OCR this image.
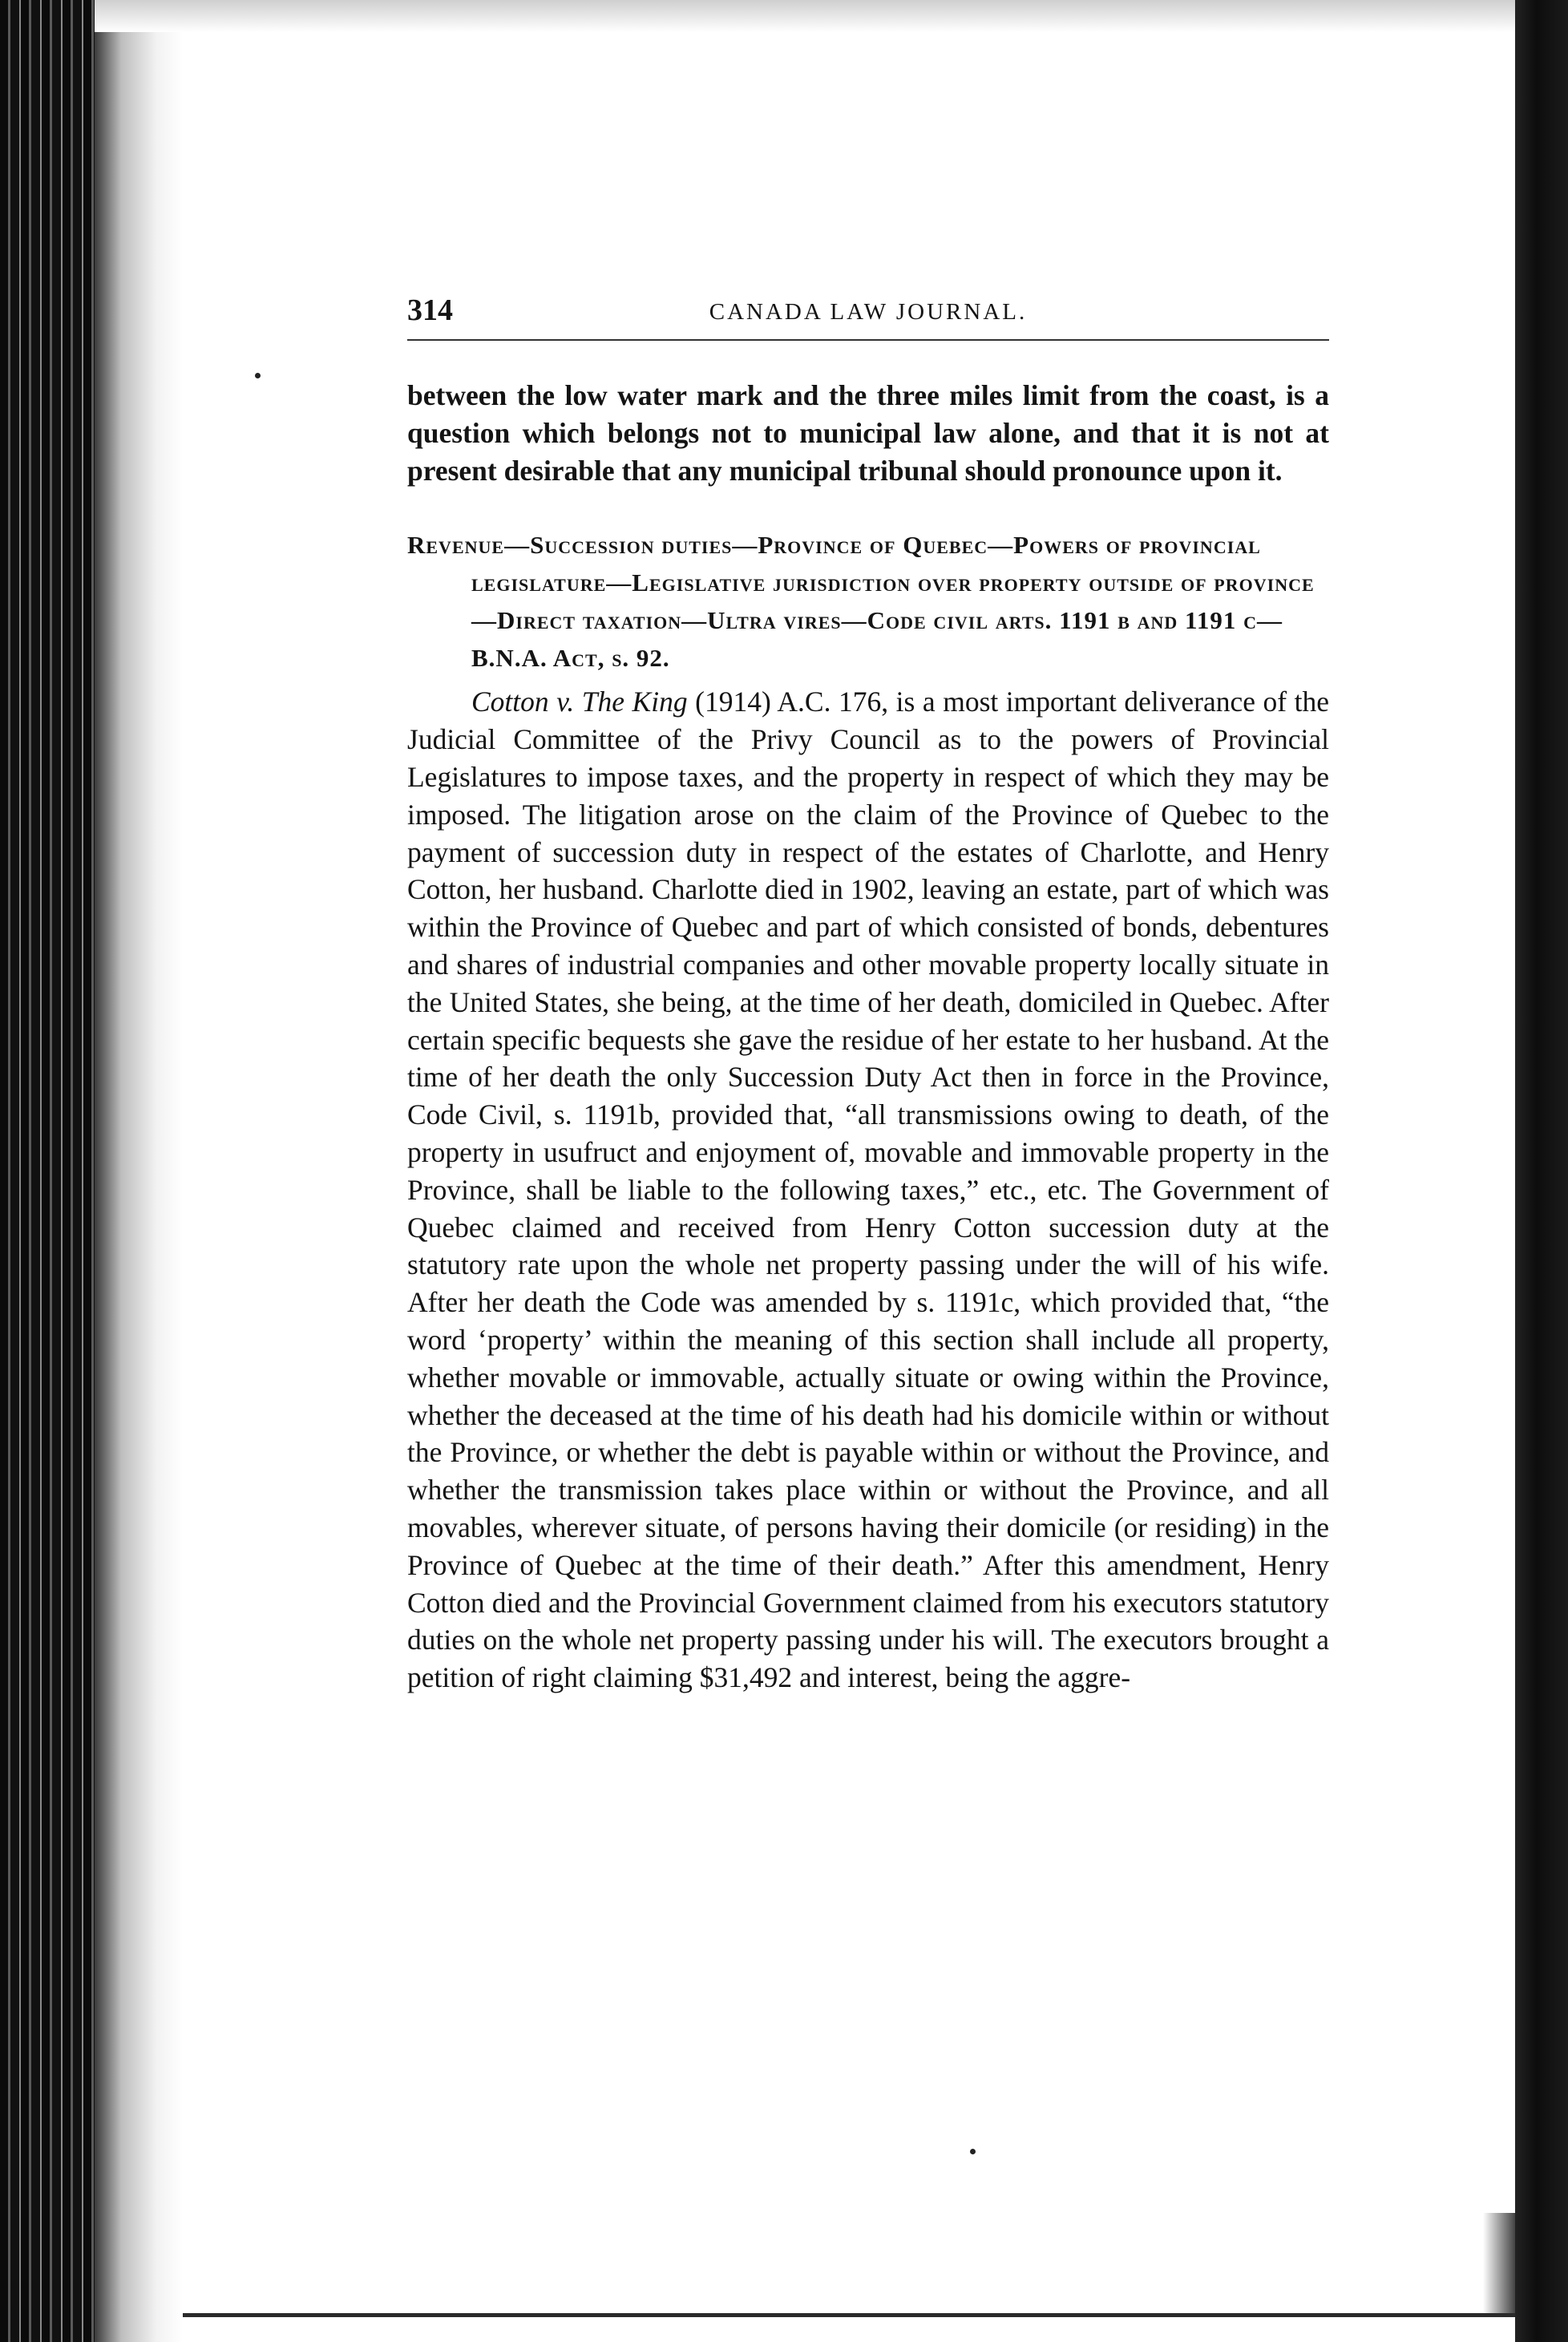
314	CANADA LAW JOURNAL.

between the low water mark and the three miles limit from the coast, is a question which belongs not to municipal law alone, and that it is not at present desirable that any municipal tribunal should pronounce upon it.

Revenue—Succession duties—Province of Quebec—Powers of provincial legislature—Legislative jurisdiction over property outside of province—Direct taxation—Ultra vires—Code civil arts. 1191 b and 1191 c—B.N.A. Act, s. 92.

Cotton v. The King (1914) A.C. 176, is a most important deliverance of the Judicial Committee of the Privy Council as to the powers of Provincial Legislatures to impose taxes, and the property in respect of which they may be imposed. The litigation arose on the claim of the Province of Quebec to the payment of succession duty in respect of the estates of Charlotte, and Henry Cotton, her husband. Charlotte died in 1902, leaving an estate, part of which was within the Province of Quebec and part of which consisted of bonds, debentures and shares of industrial companies and other movable property locally situate in the United States, she being, at the time of her death, domiciled in Quebec. After certain specific bequests she gave the residue of her estate to her husband. At the time of her death the only Succession Duty Act then in force in the Province, Code Civil, s. 1191b, provided that, “all transmissions owing to death, of the property in usufruct and enjoyment of, movable and immovable property in the Province, shall be liable to the following taxes,” etc., etc. The Government of Quebec claimed and received from Henry Cotton succession duty at the statutory rate upon the whole net property passing under the will of his wife. After her death the Code was amended by s. 1191c, which provided that, “the word ‘property’ within the meaning of this section shall include all property, whether movable or immovable, actually situate or owing within the Province, whether the deceased at the time of his death had his domicile within or without the Province, or whether the debt is payable within or without the Province, and whether the transmission takes place within or without the Province, and all movables, wherever situate, of persons having their domicile (or residing) in the Province of Quebec at the time of their death.” After this amendment, Henry Cotton died and the Provincial Government claimed from his executors statutory duties on the whole net property passing under his will. The executors brought a petition of right claiming $31,492 and interest, being the aggre-
